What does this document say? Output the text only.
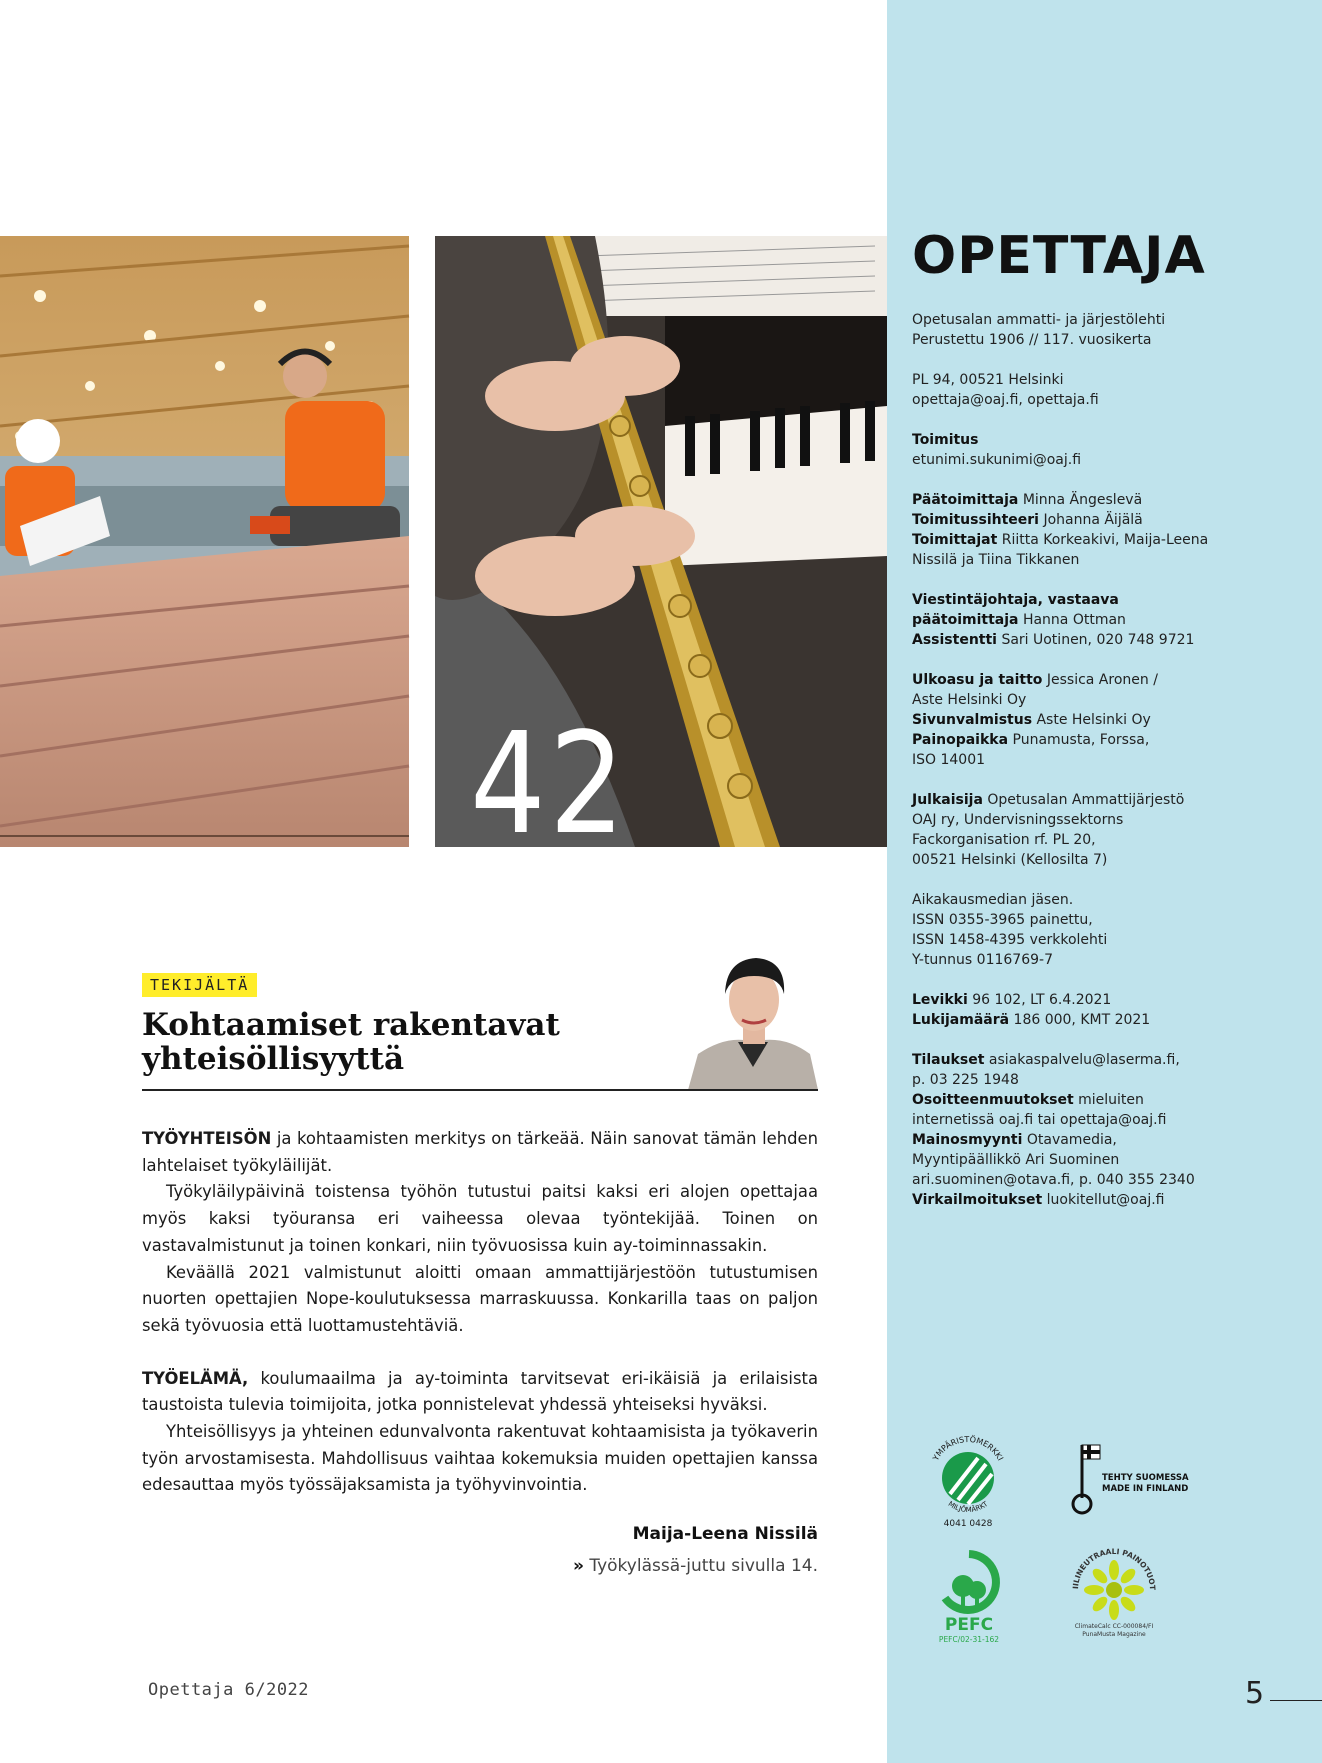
OPETTAJA

Opetusalan ammatti- ja järjestölehti
Perustettu 1906 // 117. vuosikerta

PL 94, 00521 Helsinki
opettaja@oaj.fi, opettaja.fi

Toimitus
etunimi.sukunimi@oaj.fi

Päätoimittaja Minna Ängeslevä
Toimitussihteeri Johanna Äijälä
Toimittajat Riitta Korkeakivi, Maija-Leena
Nissilä ja Tiina Tikkanen

Viestintäjohtaja, vastaava
päätoimittaja Hanna Ottman
Assistentti Sari Uotinen, 020 748 9721

Ulkoasu ja taitto Jessica Aronen /
Aste Helsinki Oy
Sivunvalmistus Aste Helsinki Oy
Painopaikka Punamusta, Forssa,
ISO 14001

Julkaisija Opetusalan Ammattijärjestö
OAJ ry, Undervisningssektorns
Fackorganisation rf. PL 20,
00521 Helsinki (Kellosilta 7)

Aikakausmedian jäsen.
ISSN 0355-3965 painettu,
ISSN 1458-4395 verkkolehti
Y-tunnus 0116769-7

Levikki 96 102, LT 6.4.2021
Lukijamäärä 186 000, KMT 2021

Tilaukset asiakaspalvelu@laserma.fi,
p. 03 225 1948
Osoitteenmuutokset mieluiten
internetissä oaj.fi tai opettaja@oaj.fi
Mainosmyynti Otavamedia,
Myyntipäällikkö Ari Suominen
ari.suominen@otava.fi, p. 040 355 2340
Virkailmoitukset luokitellut@oaj.fi

42
TEKIJÄLTÄ
Kohtaamiset rakentavat yhteisöllisyyttä

TYÖYHTEISÖN ja kohtaamisten merkitys on tärkeää. Näin sanovat tämän lehden lahtelaiset työkyläilijät.

Työkyläilypäivinä toistensa työhön tutustui paitsi kaksi eri alojen opettajaa myös kaksi työuransa eri vaiheessa olevaa työntekijää. Toinen on vastavalmistunut ja toinen konkari, niin työvuosissa kuin ay-toiminnassakin.

Keväällä 2021 valmistunut aloitti omaan ammattijärjestöön tutustumisen nuorten opettajien Nope-koulutuksessa marraskuussa. Konkarilla taas on paljon sekä työvuosia että luottamustehtäviä.

TYÖELÄMÄ, koulumaailma ja ay-toiminta tarvitsevat eri-ikäisiä ja erilaisista taustoista tulevia toimijoita, jotka ponnistelevat yhdessä yhteiseksi hyväksi.

Yhteisöllisyys ja yhteinen edunvalvonta rakentuvat kohtaamisista ja työkaverin työn arvostamisesta. Mahdollisuus vaihtaa kokemuksia muiden opettajien kanssa edesauttaa myös työssäjaksamista ja työhyvinvointia.

Maija-Leena Nissilä
» Työkylässä-juttu sivulla 14.
YMPÄRISTÖMERKKI
MILJÖMÄRKT
4041 0428
TEHTY SUOMESSA
MADE IN FINLAND
PEFC
PEFC/02-31-162
IILINEUTRAALI PAINOTUOT
ClimateCalc CC-000084/FI
PunaMusta Magazine
Opettaja 6/2022	5
